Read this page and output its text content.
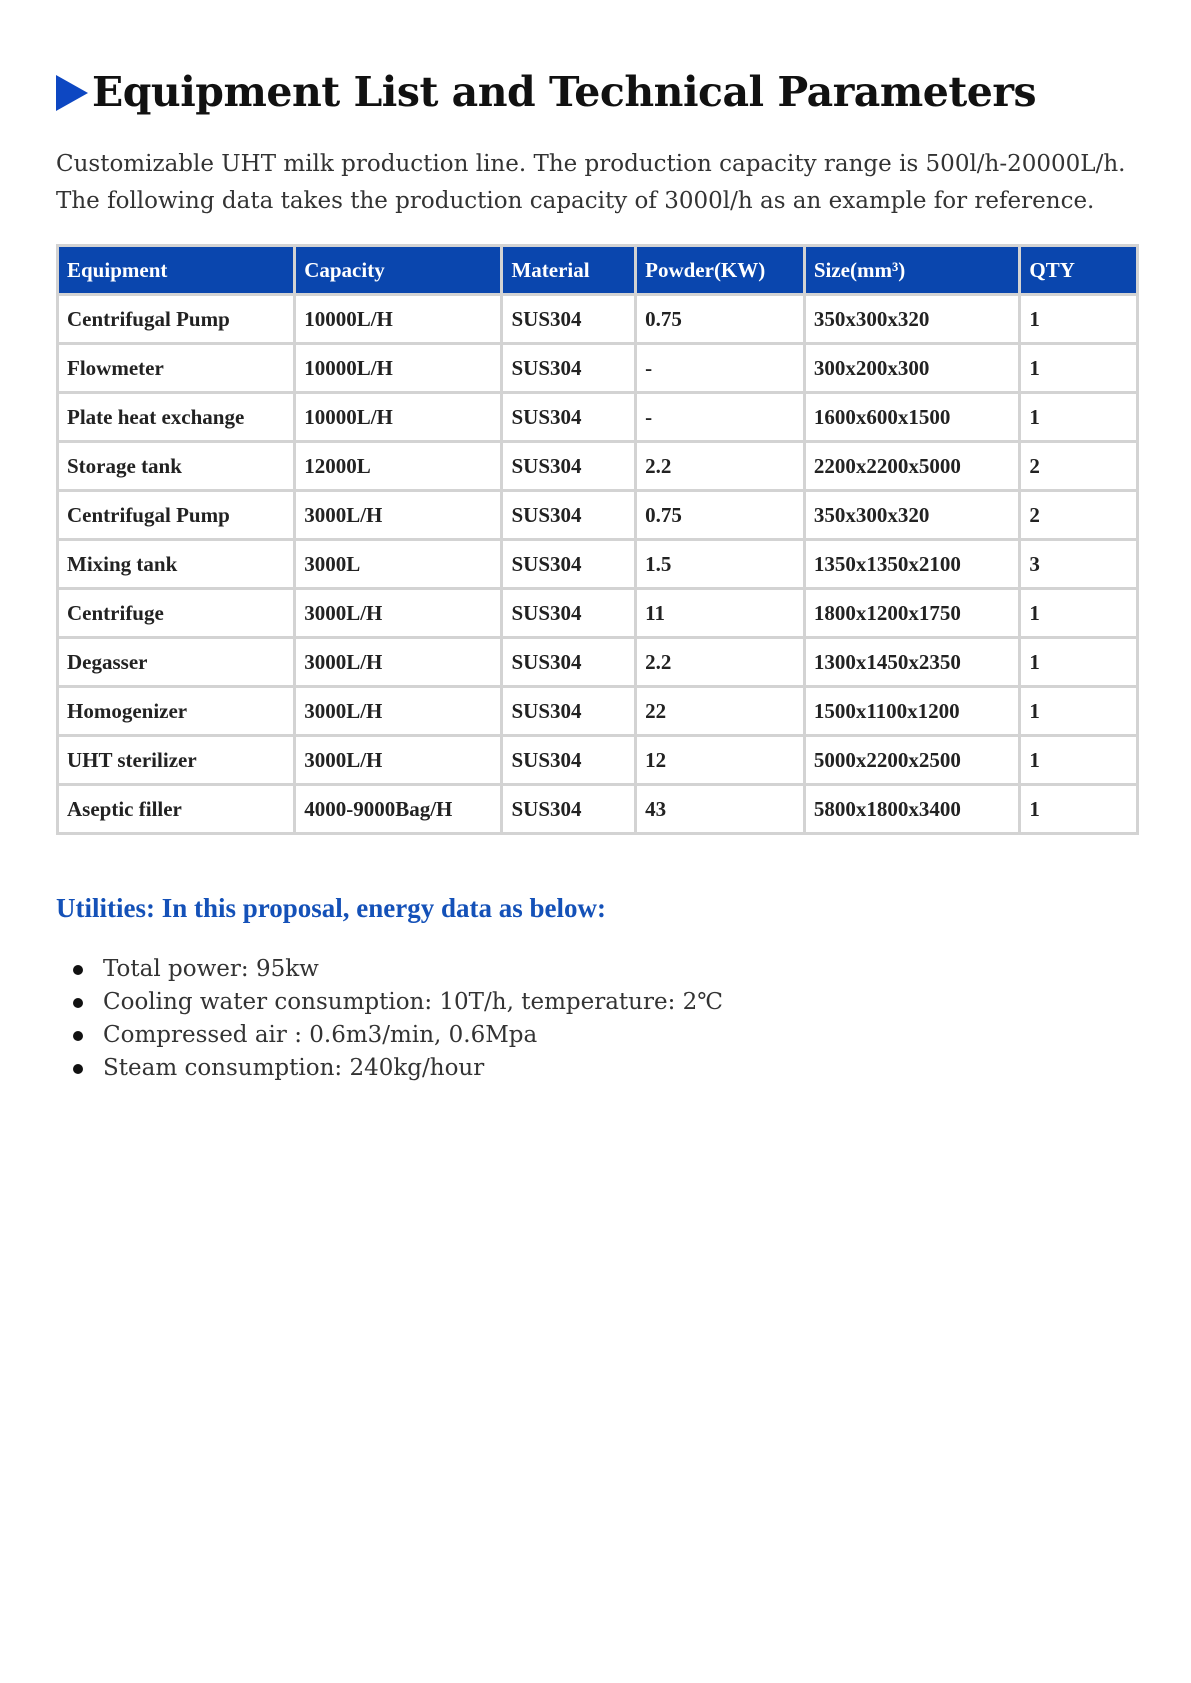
Equipment List and Technical Parameters

Customizable UHT milk production line. The production capacity range is 500l/h-20000L/h.

The following data takes the production capacity of 3000l/h as an example for reference.

Equipment	Capacity	Material	Powder(KW)	Size(mm³)	QTY
Centrifugal Pump	10000L/H	SUS304	0.75	350x300x320	1
Flowmeter	10000L/H	SUS304	-	300x200x300	1
Plate heat exchange	10000L/H	SUS304	-	1600x600x1500	1
Storage tank	12000L	SUS304	2.2	2200x2200x5000	2
Centrifugal Pump	3000L/H	SUS304	0.75	350x300x320	2
Mixing tank	3000L	SUS304	1.5	1350x1350x2100	3
Centrifuge	3000L/H	SUS304	11	1800x1200x1750	1
Degasser	3000L/H	SUS304	2.2	1300x1450x2350	1
Homogenizer	3000L/H	SUS304	22	1500x1100x1200	1
UHT sterilizer	3000L/H	SUS304	12	5000x2200x2500	1
Aseptic filler	4000-9000Bag/H	SUS304	43	5800x1800x3400	1
Utilities: In this proposal, energy data as below:
Total power: 95kw
Cooling water consumption: 10T/h, temperature: 2℃
Compressed air : 0.6m3/min, 0.6Mpa
Steam consumption: 240kg/hour
